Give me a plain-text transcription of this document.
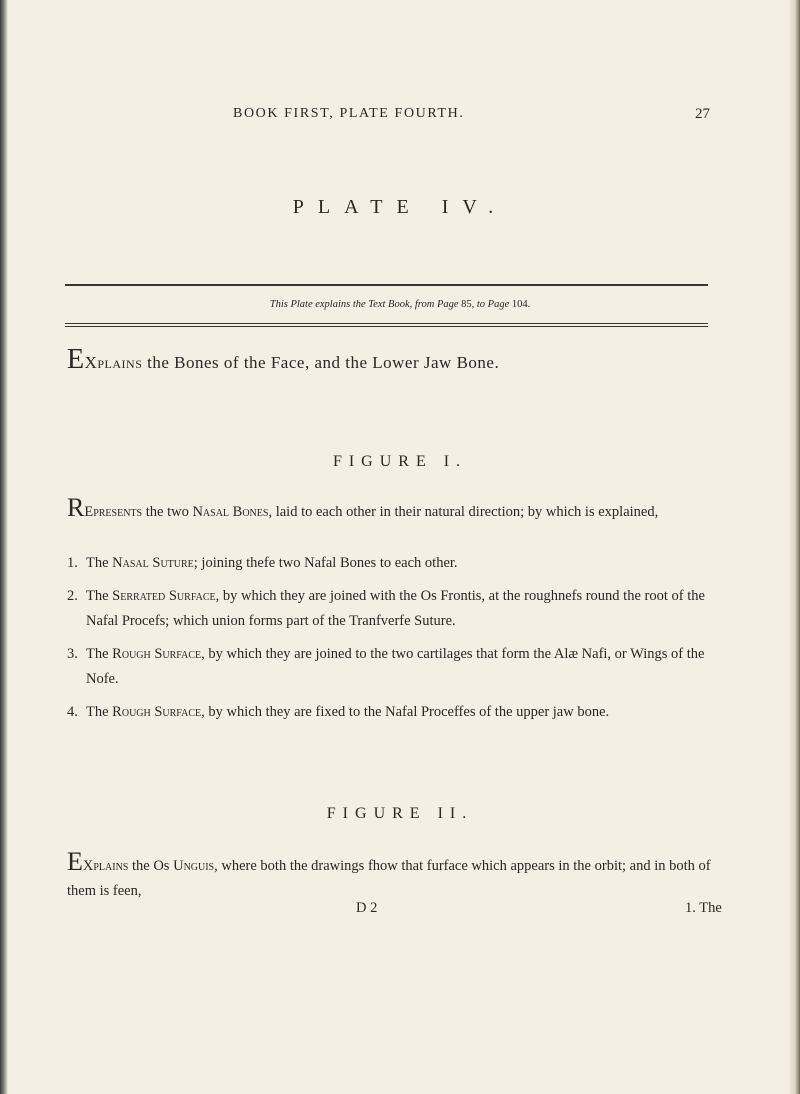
BOOK FIRST, PLATE FOURTH.	27
PLATE IV.
This Plate explains the Text Book, from Page 85, to Page 104.
EXplains the Bones of the Face, and the Lower Jaw Bone.
FIGURE I.
REpresents the two Nasal Bones, laid to each other in their natural direction; by which is explained,
1. The Nasal Suture; joining thefe two Nafal Bones to each other.
2. The Serrated Surface, by which they are joined with the Os Frontis, at the roughnefs round the root of the Nafal Procefs; which union forms part of the Tranfverfe Suture.
3. The Rough Surface, by which they are joined to the two cartilages that form the Alæ Nafi, or Wings of the Nofe.
4. The Rough Surface, by which they are fixed to the Nafal Proceffes of the upper jaw bone.
FIGURE II.
EXplains the Os Unguis, where both the drawings fhow that furface which appears in the orbit; and in both of them is feen,
D 2	1. The
